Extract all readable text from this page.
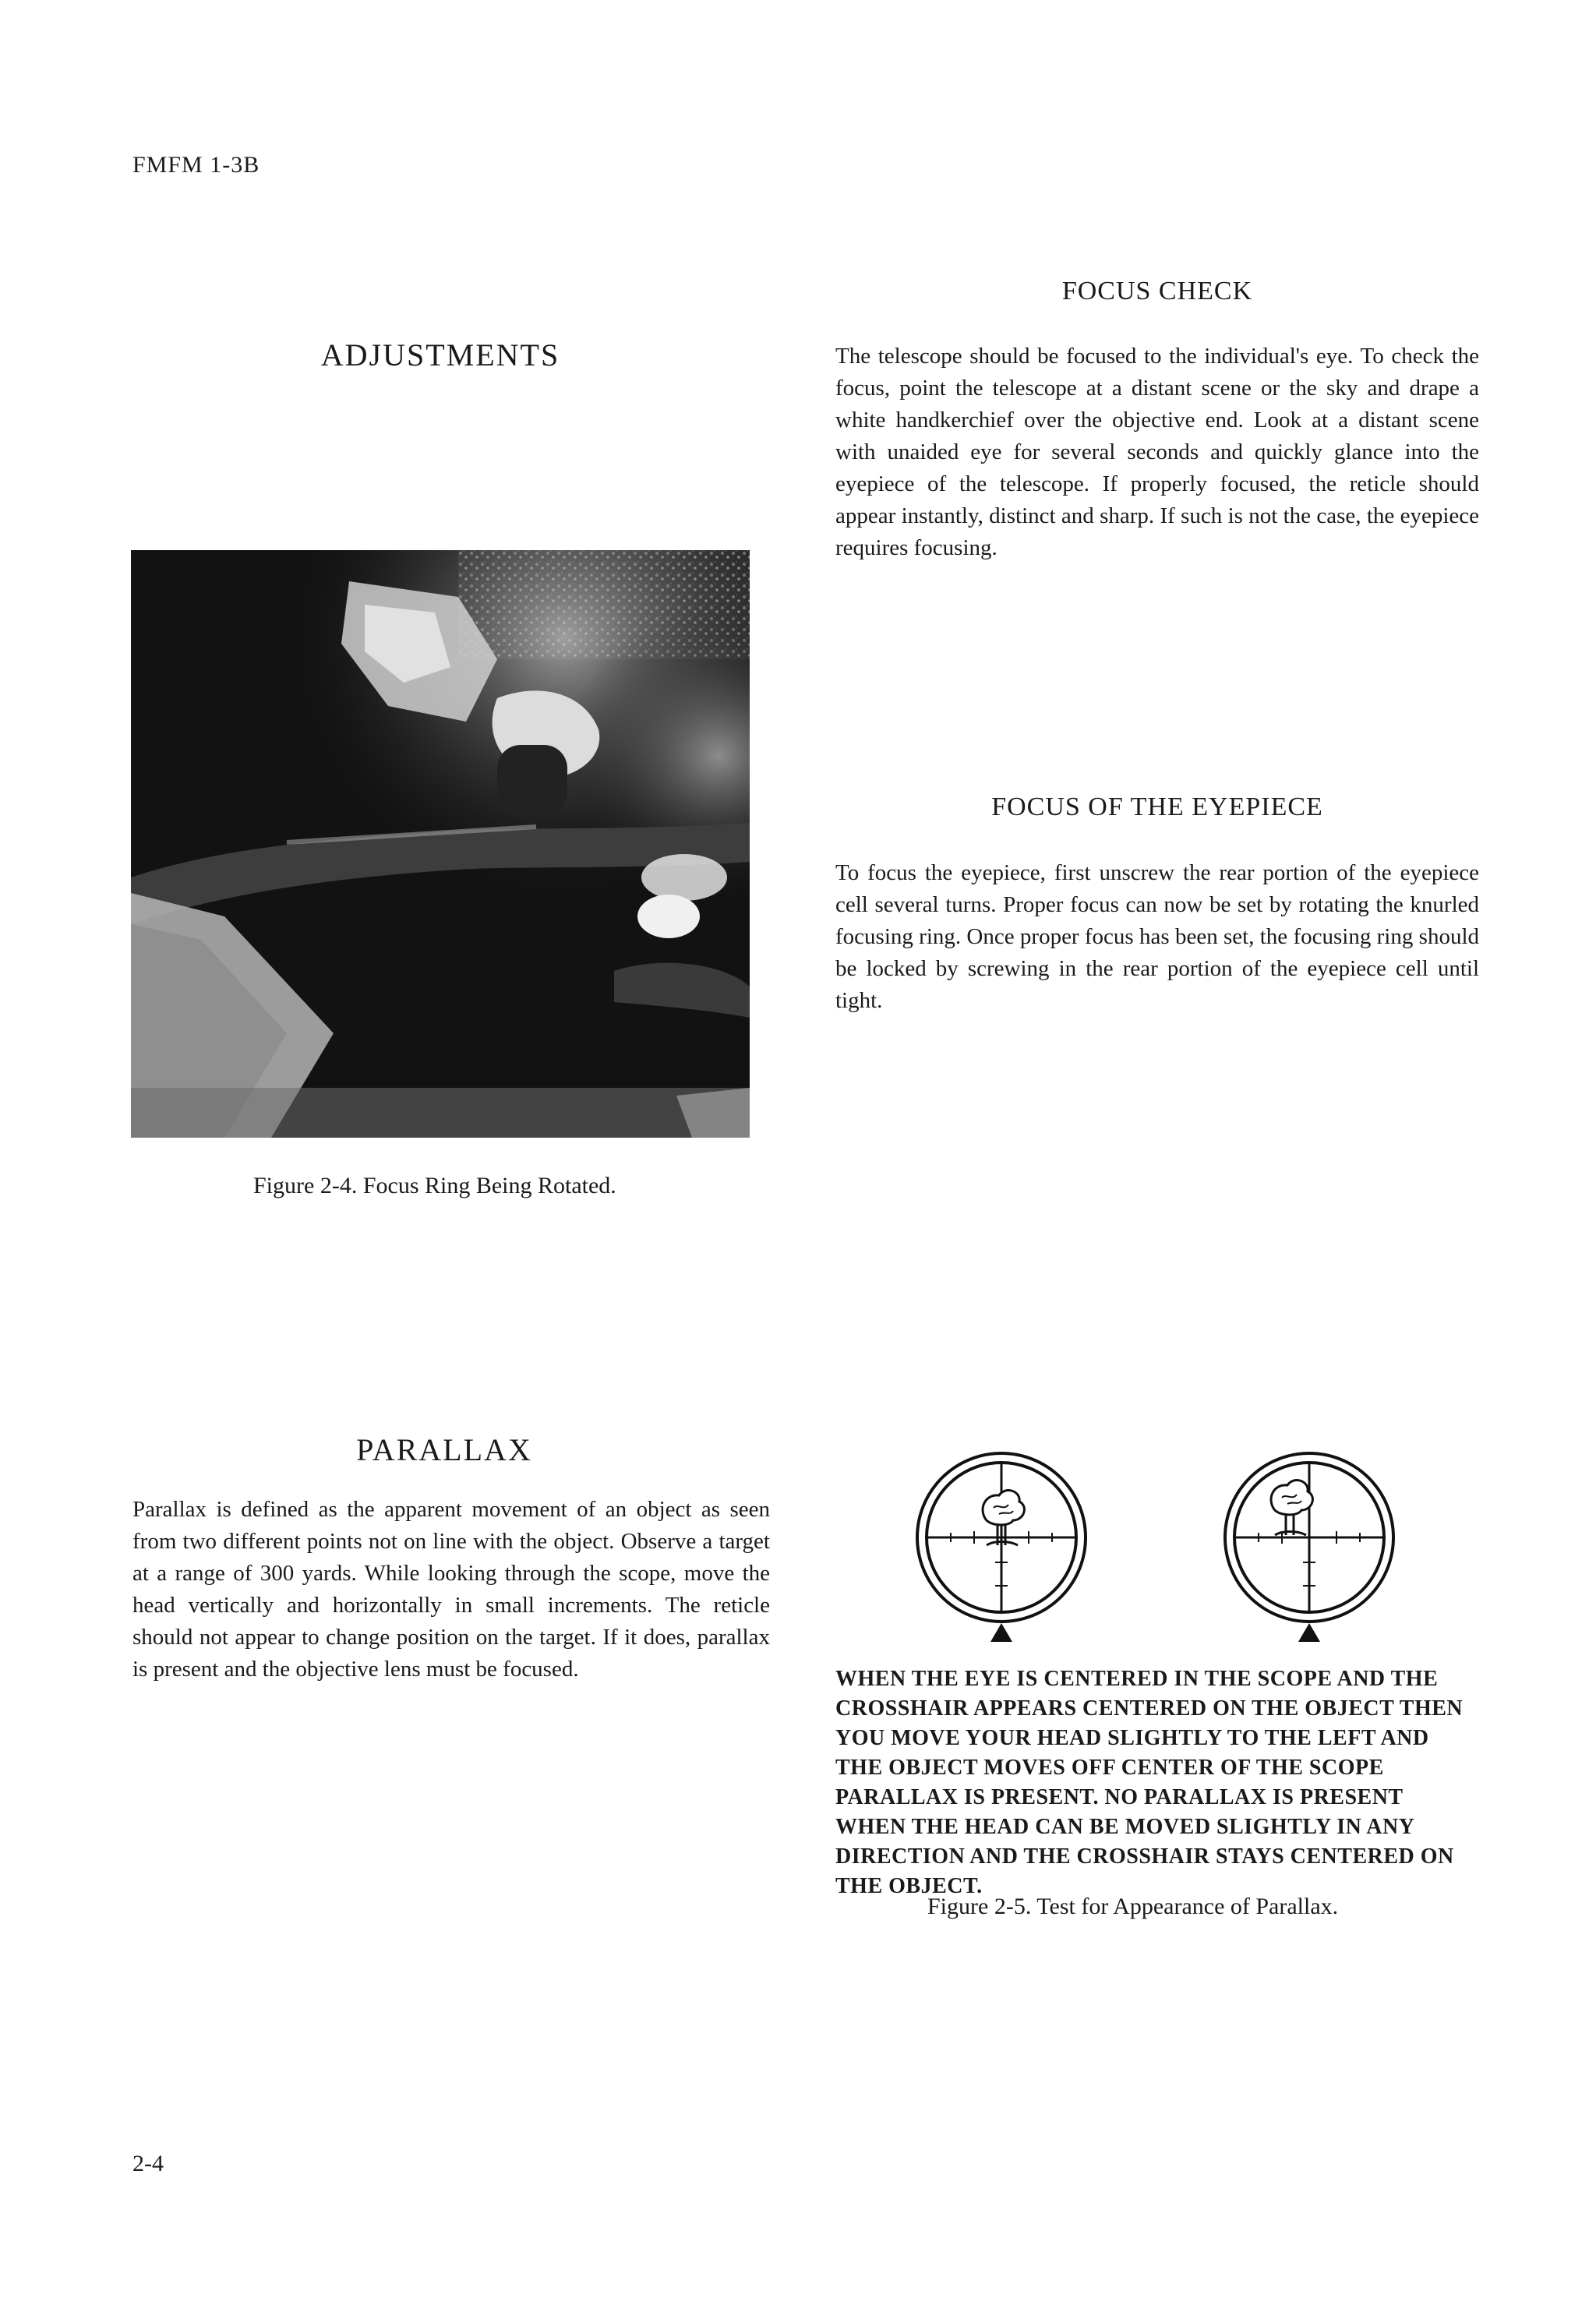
FMFM 1-3B
FOCUS CHECK
The telescope should be focused to the individual's eye. To check the focus, point the telescope at a distant scene or the sky and drape a white handkerchief over the objective end. Look at a distant scene with unaided eye for several seconds and quickly glance into the eyepiece of the telescope. If properly focused, the reticle should appear instantly, distinct and sharp. If such is not the case, the eyepiece requires focusing.
ADJUSTMENTS
FOCUS OF THE EYEPIECE
To focus the eyepiece, first unscrew the rear portion of the eyepiece cell several turns. Proper focus can now be set by rotating the knurled focusing ring. Once proper focus has been set, the focusing ring should be locked by screwing in the rear portion of the eyepiece cell until tight.
Figure 2-4. Focus Ring Being Rotated.
PARALLAX
Parallax is defined as the apparent movement of an object as seen from two different points not on line with the object. Observe a target at a range of 300 yards. While looking through the scope, move the head vertically and horizontally in small increments. The reticle should not appear to change position on the target. If it does, parallax is present and the objective lens must be focused.	WHEN THE EYE IS CENTERED IN THE SCOPE AND THE CROSSHAIR APPEARS CENTERED ON THE OBJECT THEN YOU MOVE YOUR HEAD SLIGHTLY TO THE LEFT AND THE OBJECT MOVES OFF CENTER OF THE SCOPE PARALLAX IS PRESENT. NO PARALLAX IS PRESENT WHEN THE HEAD CAN BE MOVED SLIGHTLY IN ANY DIRECTION AND THE CROSSHAIR STAYS CENTERED ON THE OBJECT.
Figure 2-5. Test for Appearance of Parallax.
2-4
